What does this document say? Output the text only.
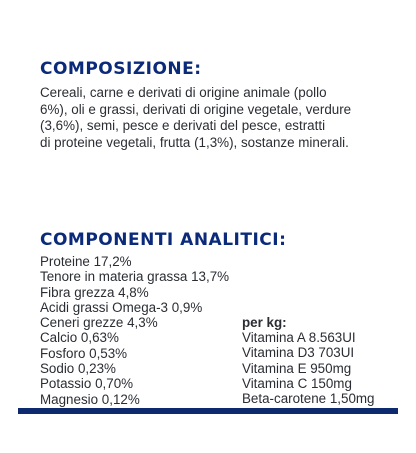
COMPOSIZIONE:

Cereali, carne e derivati di origine animale (pollo
6%), oli e grassi, derivati di origine vegetale, verdure
(3,6%), semi, pesce e derivati del pesce, estratti
di proteine vegetali, frutta (1,3%), sostanze minerali.

COMPONENTI ANALITICI:
Proteine 17,2%
Tenore in materia grassa 13,7%
Fibra grezza 4,8%
Acidi grassi Omega-3 0,9%
Ceneri grezze 4,3%
Calcio 0,63%
Fosforo 0,53%
Sodio 0,23%
Potassio 0,70%
Magnesio 0,12%
per kg:
Vitamina A 8.563UI
Vitamina D3 703UI
Vitamina E 950mg
Vitamina C 150mg
Beta-carotene 1,50mg
